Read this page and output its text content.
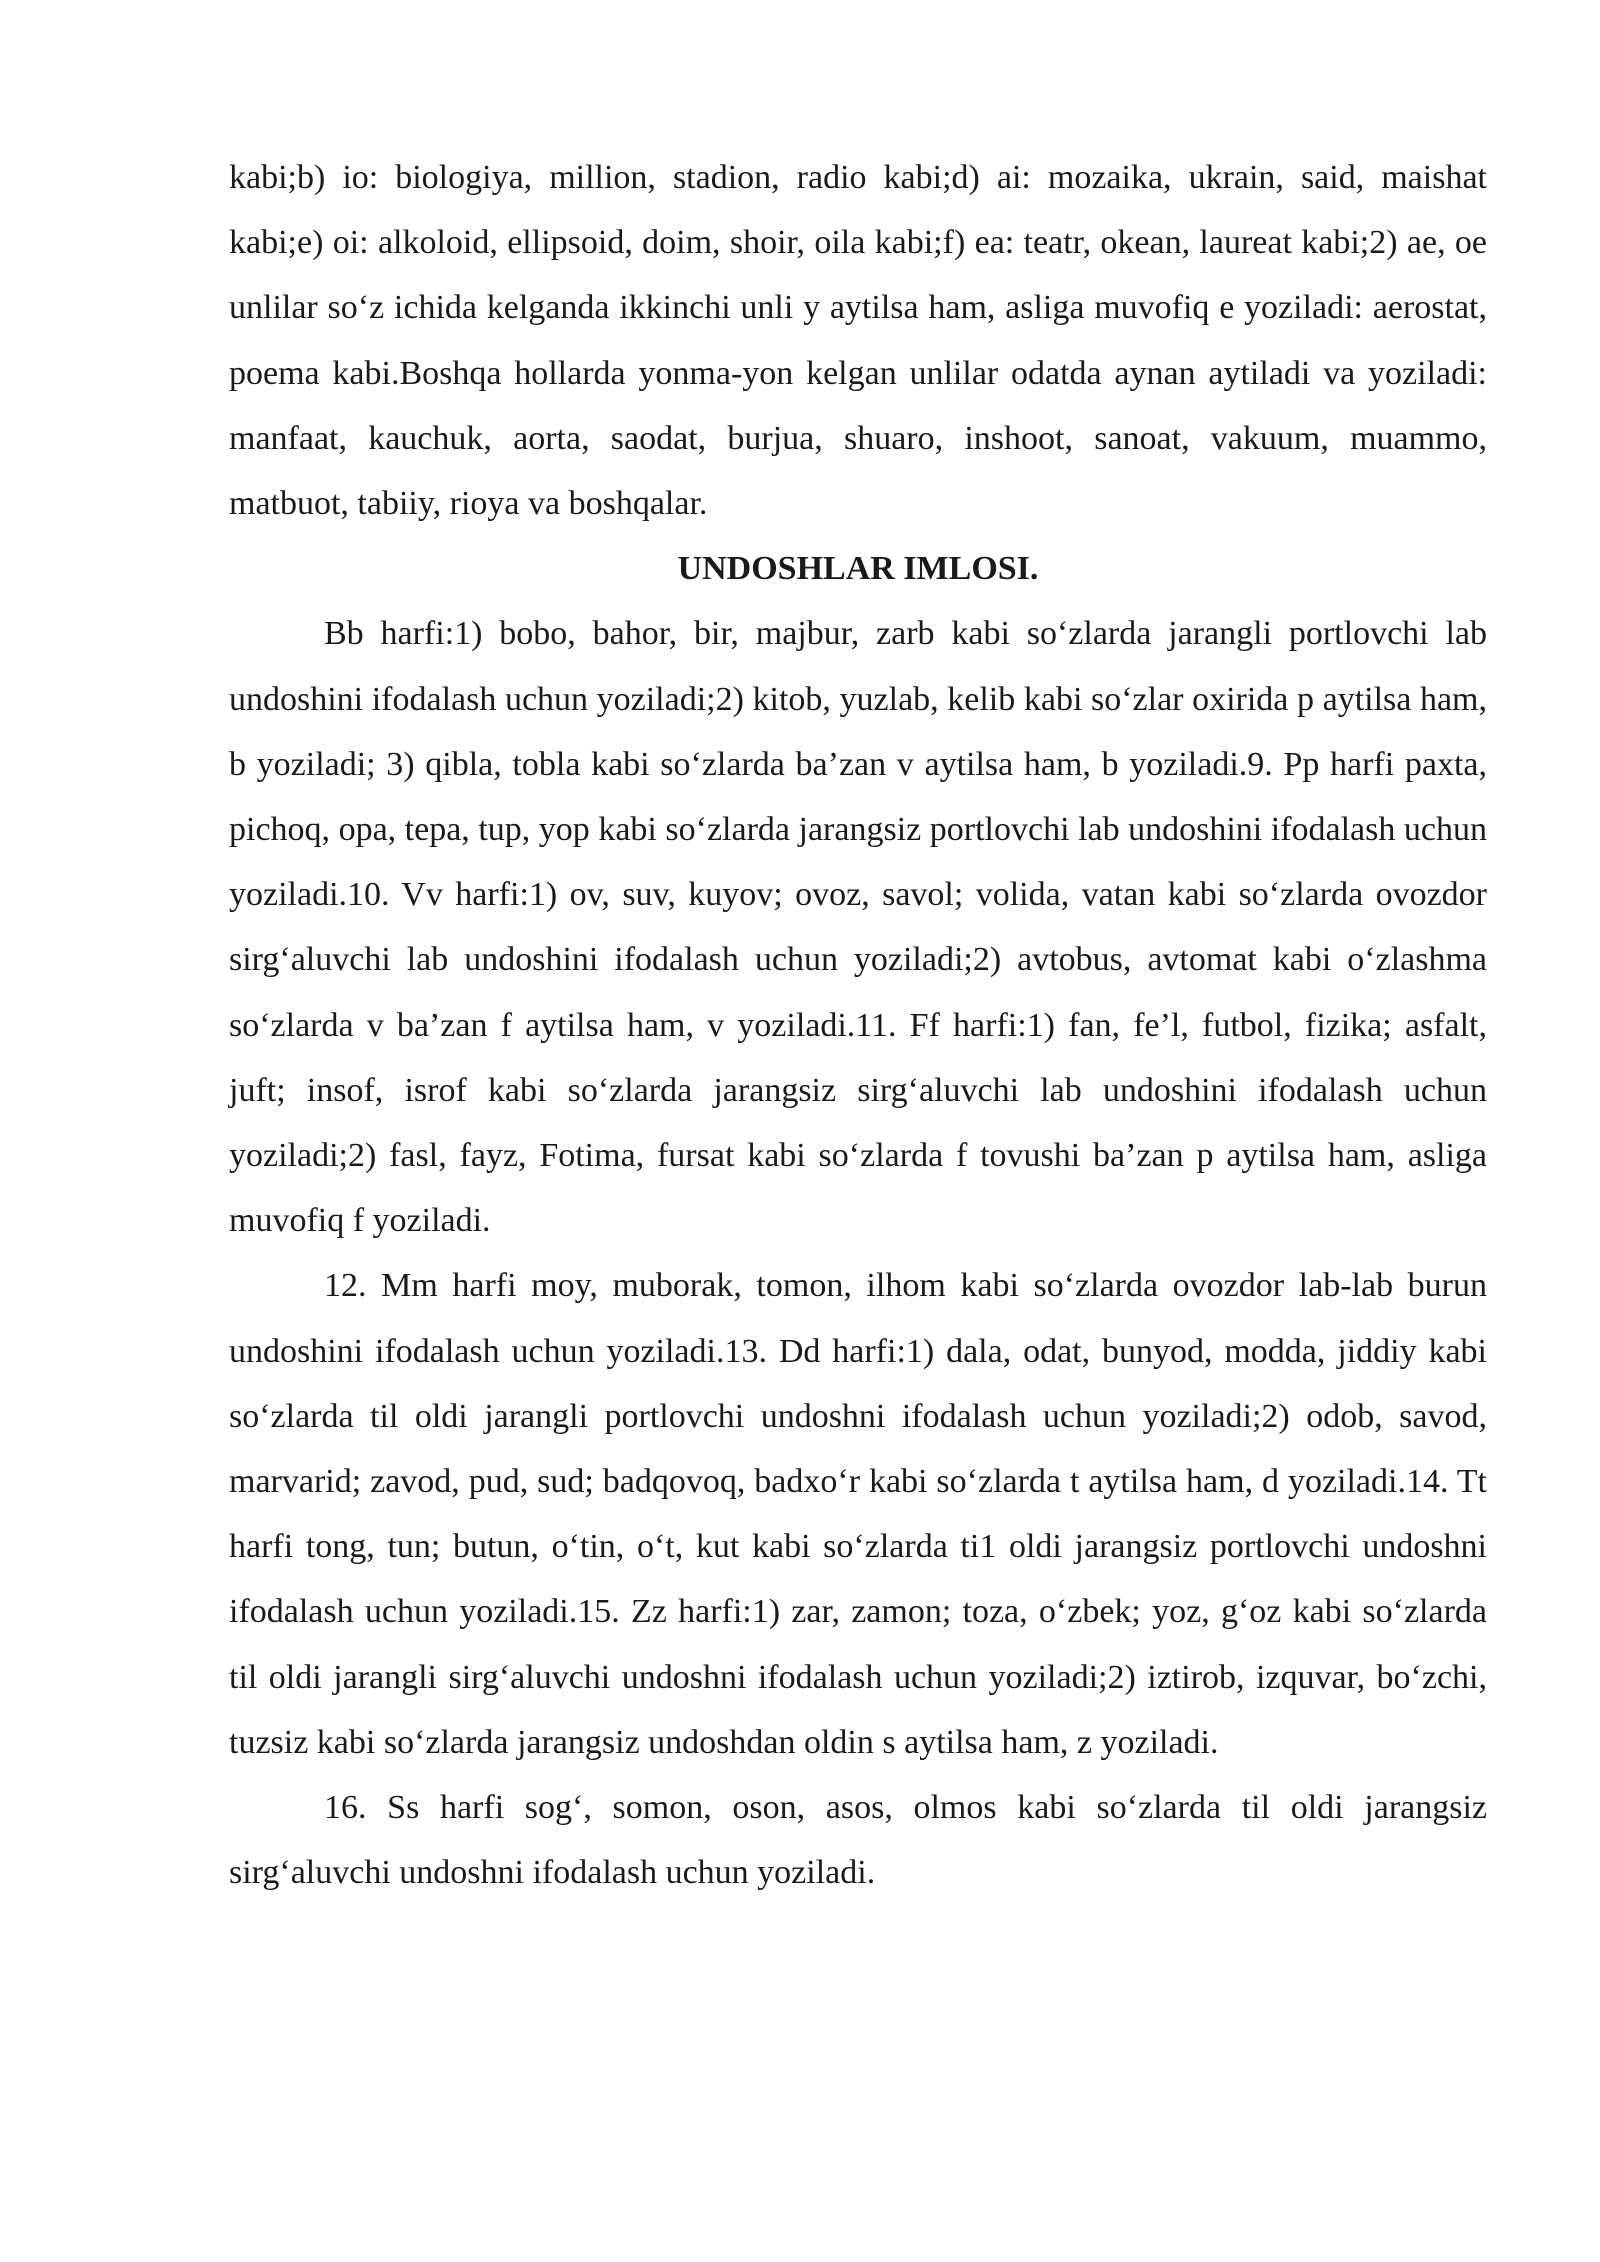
kabi;b) io: biologiya, million, stadion, radio kabi;d) ai: mozaika, ukrain, said, maishat kabi;e) oi: alkoloid, ellipsoid, doim, shoir, oila kabi;f) ea: teatr, okean, laureat kabi;2) ae, oe unlilar so‘z ichida kelganda ikkinchi unli y aytilsa ham, asliga muvofiq e yoziladi: aerostat, poema kabi.Boshqa hollarda yonma-yon kelgan unlilar odatda aynan aytiladi va yoziladi: manfaat, kauchuk, aorta, saodat, burjua, shuaro, inshoot, sanoat, vakuum, muammo, matbuot, tabiiy, rioya va boshqalar.

UNDOSHLAR IMLOSI.

Bb harfi:1) bobo, bahor, bir, majbur, zarb kabi so‘zlarda jarangli portlovchi lab undoshini ifodalash uchun yoziladi;2) kitob, yuzlab, kelib kabi so‘zlar oxirida p aytilsa ham, b yoziladi; 3) qibla, tobla kabi so‘zlarda ba’zan v aytilsa ham, b yoziladi.9. Pp harfi paxta, pichoq, opa, tepa, tup, yop kabi so‘zlarda jarangsiz portlovchi lab undoshini ifodalash uchun yoziladi.10. Vv harfi:1) ov, suv, kuyov; ovoz, savol; volida, vatan kabi so‘zlarda ovozdor sirg‘aluvchi lab undoshini ifodalash uchun yoziladi;2) avtobus, avtomat kabi o‘zlashma so‘zlarda v ba’zan f aytilsa ham, v yoziladi.11. Ff harfi:1) fan, fe’l, futbol, fizika; asfalt, juft; insof, isrof kabi so‘zlarda jarangsiz sirg‘aluvchi lab undoshini ifodalash uchun yoziladi;2) fasl, fayz, Fotima, fursat kabi so‘zlarda f tovushi ba’zan p aytilsa ham, asliga muvofiq f yoziladi.

12. Mm harfi moy, muborak, tomon, ilhom kabi so‘zlarda ovozdor lab-lab burun undoshini ifodalash uchun yoziladi.13. Dd harfi:1) dala, odat, bunyod, modda, jiddiy kabi so‘zlarda til oldi jarangli portlovchi undoshni ifodalash uchun yoziladi;2) odob, savod, marvarid; zavod, pud, sud; badqovoq, badxo‘r kabi so‘zlarda t aytilsa ham, d yoziladi.14. Tt harfi tong, tun; butun, o‘tin, o‘t, kut kabi so‘zlarda ti1 oldi jarangsiz portlovchi undoshni ifodalash uchun yoziladi.15. Zz harfi:1) zar, zamon; toza, o‘zbek; yoz, g‘oz kabi so‘zlarda til oldi jarangli sirg‘aluvchi undoshni ifodalash uchun yoziladi;2) iztirob, izquvar, bo‘zchi, tuzsiz kabi so‘zlarda jarangsiz undoshdan oldin s aytilsa ham, z yoziladi.

16. Ss harfi sog‘, somon, oson, asos, olmos kabi so‘zlarda til oldi jarangsiz sirg‘aluvchi undoshni ifodalash uchun yoziladi.
